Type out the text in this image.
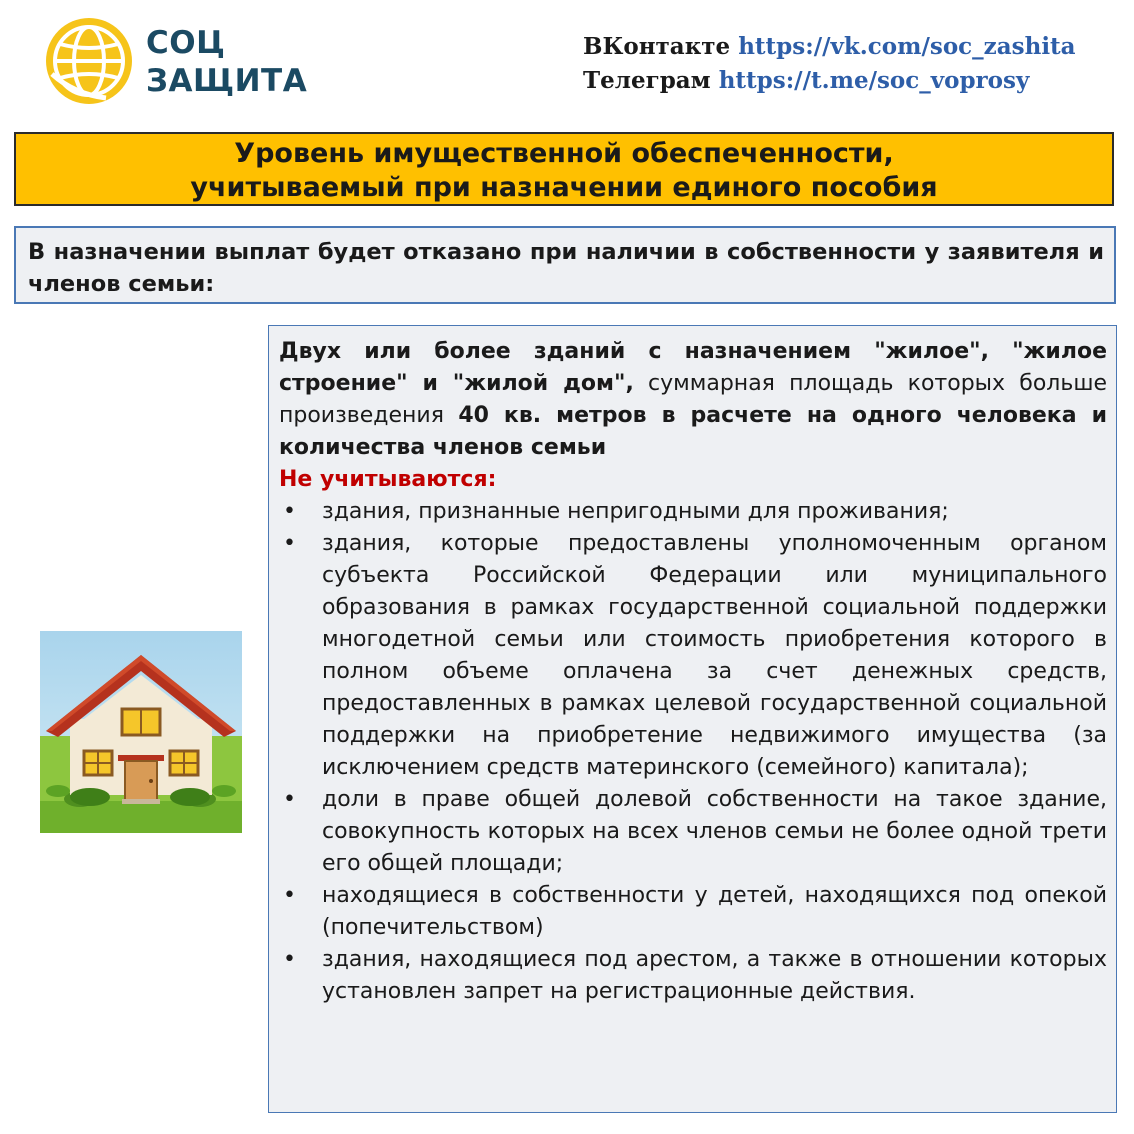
СОЦ
ЗАЩИТА
ВКонтакте https://vk.com/soc_zashita
Телеграм https://t.me/soc_voprosy
Уровень имущественной обеспеченности,
учитываемый при назначении единого пособия
В назначении выплат будет отказано при наличии в собственности у заявителя и членов семьи:

Двух или более зданий с назначением "жилое", "жилое строение" и "жилой дом", суммарная площадь которых больше произведения 40 кв. метров в расчете на одного человека и количества членов семьи

Не учитываются:

• здания, признанные непригодными для проживания;
• здания, которые предоставлены уполномоченным органом субъекта Российской Федерации или муниципального образования в рамках государственной социальной поддержки многодетной семьи или стоимость приобретения которого в полном объеме оплачена за счет денежных средств, предоставленных в рамках целевой государственной социальной поддержки на приобретение недвижимого имущества (за исключением средств материнского (семейного) капитала);
• доли в праве общей долевой собственности на такое здание, совокупность которых на всех членов семьи не более одной трети его общей площади;
• находящиеся в собственности у детей, находящихся под опекой (попечительством)
• здания, находящиеся под арестом, а также в отношении которых установлен запрет на регистрационные действия.
